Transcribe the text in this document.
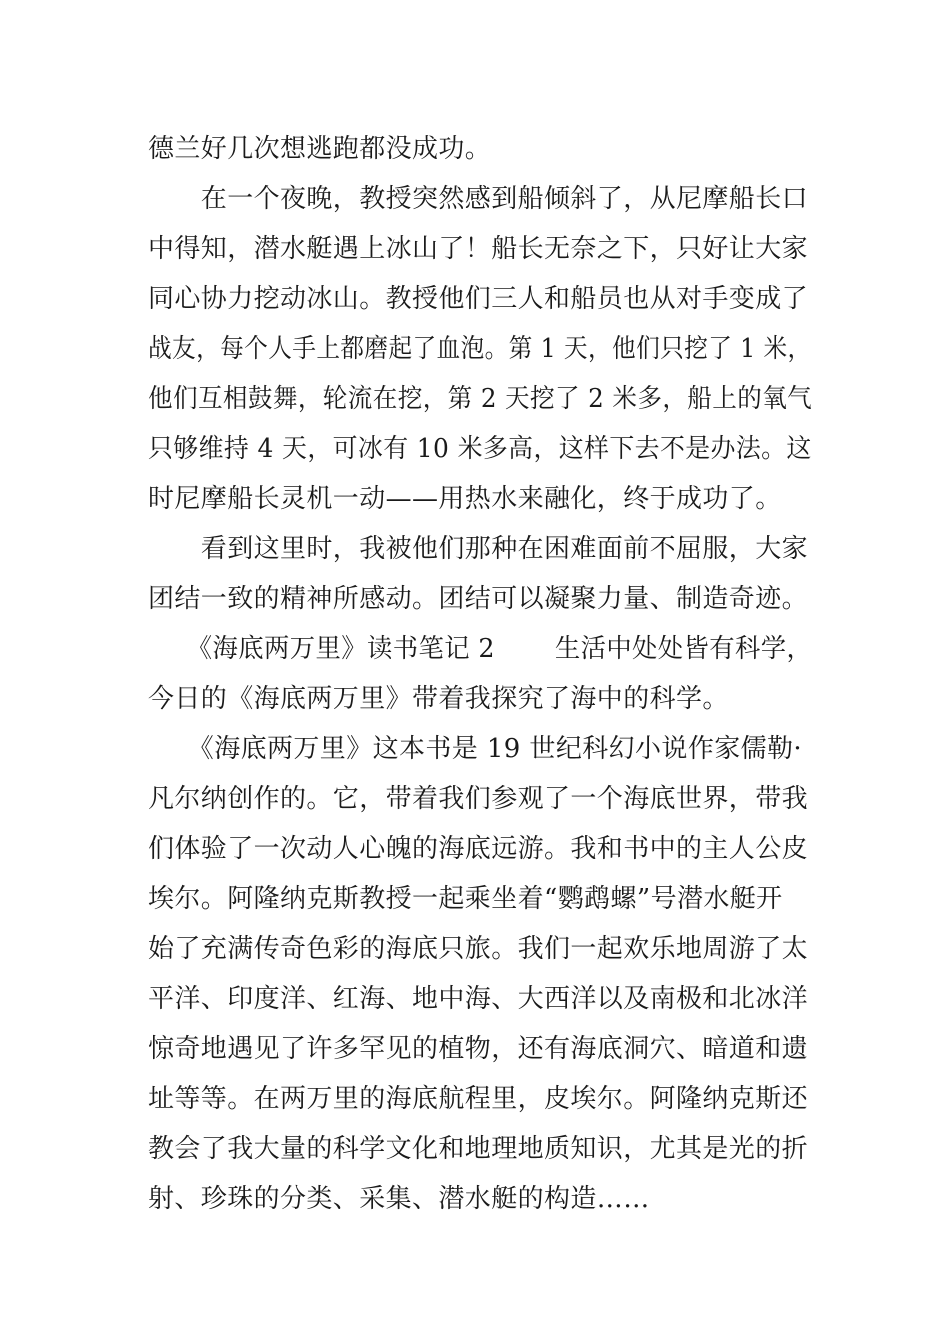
德兰好几次想逃跑都没成功。
　　在一个夜晚，教授突然感到船倾斜了，从尼摩船长口
中得知，潜水艇遇上冰山了！船长无奈之下，只好让大家
同心协力挖动冰山。教授他们三人和船员也从对手变成了
战友，每个人手上都磨起了血泡。第 1 天，他们只挖了 1 米，
他们互相鼓舞，轮流在挖，第 2 天挖了 2 米多，船上的氧气
只够维持 4 天，可冰有 10 米多高，这样下去不是办法。这
时尼摩船长灵机一动——用热水来融化，终于成功了。
　　看到这里时，我被他们那种在困难面前不屈服，大家
团结一致的精神所感动。团结可以凝聚力量、制造奇迹。
　　《海底两万里》读书笔记 2　　 生活中处处皆有科学，
今日的《海底两万里》带着我探究了海中的科学。
　　《海底两万里》这本书是 19 世纪科幻小说作家儒勒·
凡尔纳创作的。它，带着我们参观了一个海底世界，带我
们体验了一次动人心魄的海底远游。我和书中的主人公皮
埃尔。阿隆纳克斯教授一起乘坐着“鹦鹉螺”号潜水艇开
始了充满传奇色彩的海底只旅。我们一起欢乐地周游了太
平洋、印度洋、红海、地中海、大西洋以及南极和北冰洋
惊奇地遇见了许多罕见的植物，还有海底洞穴、暗道和遗
址等等。在两万里的海底航程里，皮埃尔。阿隆纳克斯还
教会了我大量的科学文化和地理地质知识，尤其是光的折
射、珍珠的分类、采集、潜水艇的构造……
